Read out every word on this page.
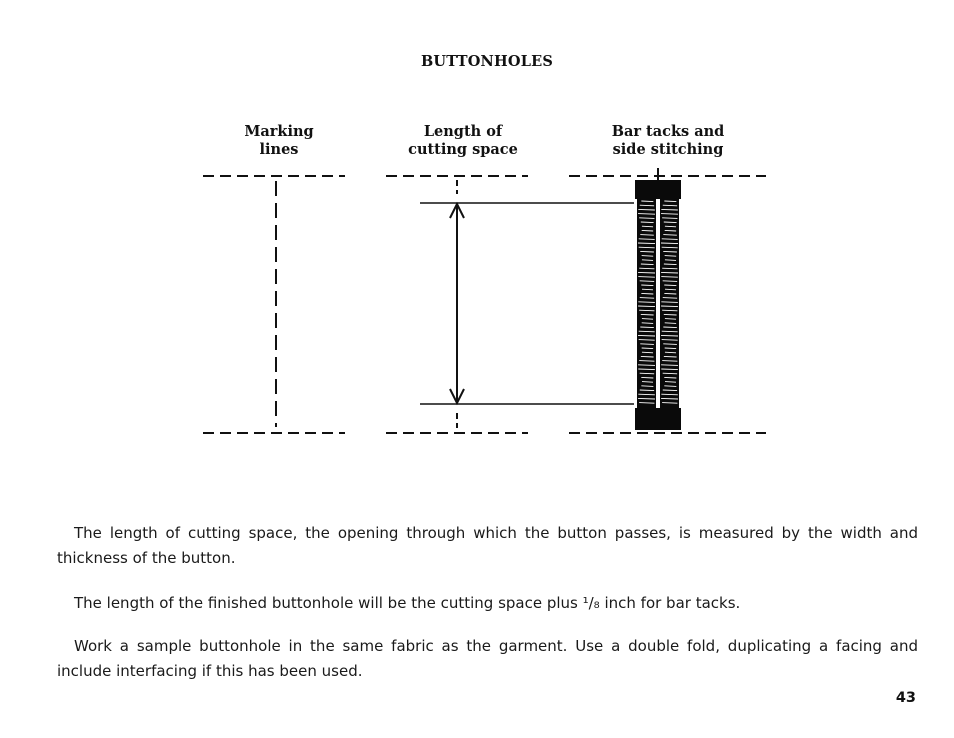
BUTTONHOLES
Marking
lines
Length of
cutting space
Bar tacks and
side stitching

The length of cutting space, the opening through which the button passes, is measured by the width and thickness of the button.

The length of the finished buttonhole will be the cutting space plus ¹/₈ inch for bar tacks.

Work a sample buttonhole in the same fabric as the garment. Use a double fold, duplicating a facing and include interfacing if this has been used.

43
